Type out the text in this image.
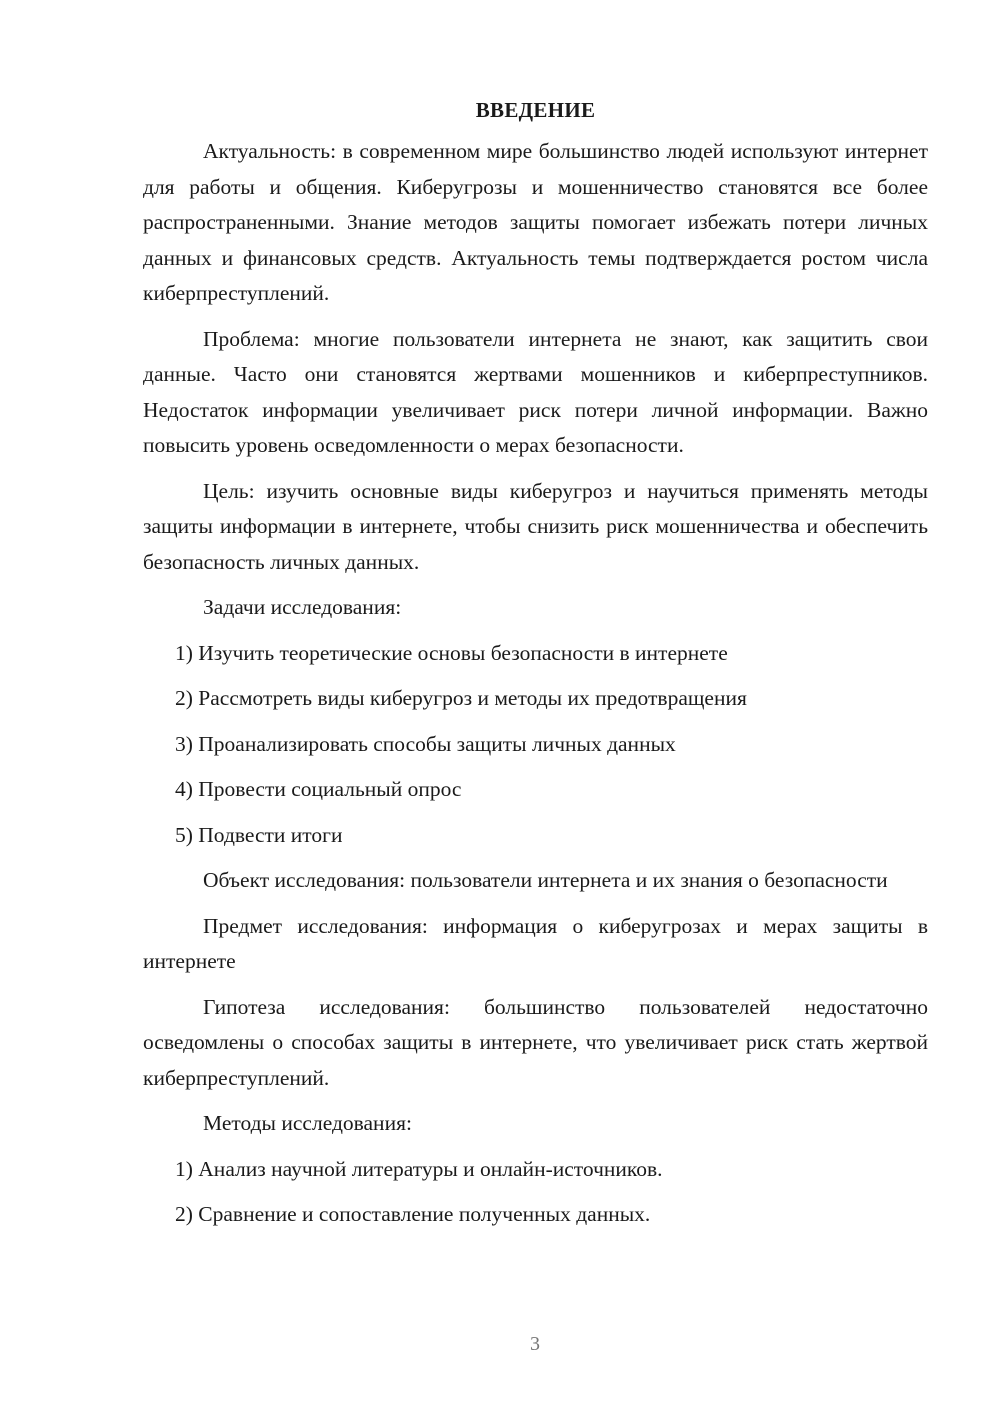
ВВЕДЕНИЕ

Актуальность: в современном мире большинство людей используют интернет для работы и общения. Киберугрозы и мошенничество становятся все более распространенными. Знание методов защиты помогает избежать потери личных данных и финансовых средств. Актуальность темы подтверждается ростом числа киберпреступлений.

Проблема: многие пользователи интернета не знают, как защитить свои данные. Часто они становятся жертвами мошенников и киберпреступников. Недостаток информации увеличивает риск потери личной информации. Важно повысить уровень осведомленности о мерах безопасности.

Цель: изучить основные виды киберугроз и научиться применять методы защиты информации в интернете, чтобы снизить риск мошенничества и обеспечить безопасность личных данных.

Задачи исследования:

1) Изучить теоретические основы безопасности в интернете
2) Рассмотреть виды киберугроз и методы их предотвращения
3) Проанализировать способы защиты личных данных
4) Провести социальный опрос
5) Подвести итоги

Объект исследования: пользователи интернета и их знания о безопасности

Предмет исследования: информация о киберугрозах и мерах защиты в интернете

Гипотеза исследования: большинство пользователей недостаточно осведомлены о способах защиты в интернете, что увеличивает риск стать жертвой киберпреступлений.

Методы исследования:

1) Анализ научной литературы и онлайн-источников.
2) Сравнение и сопоставление полученных данных.
3
